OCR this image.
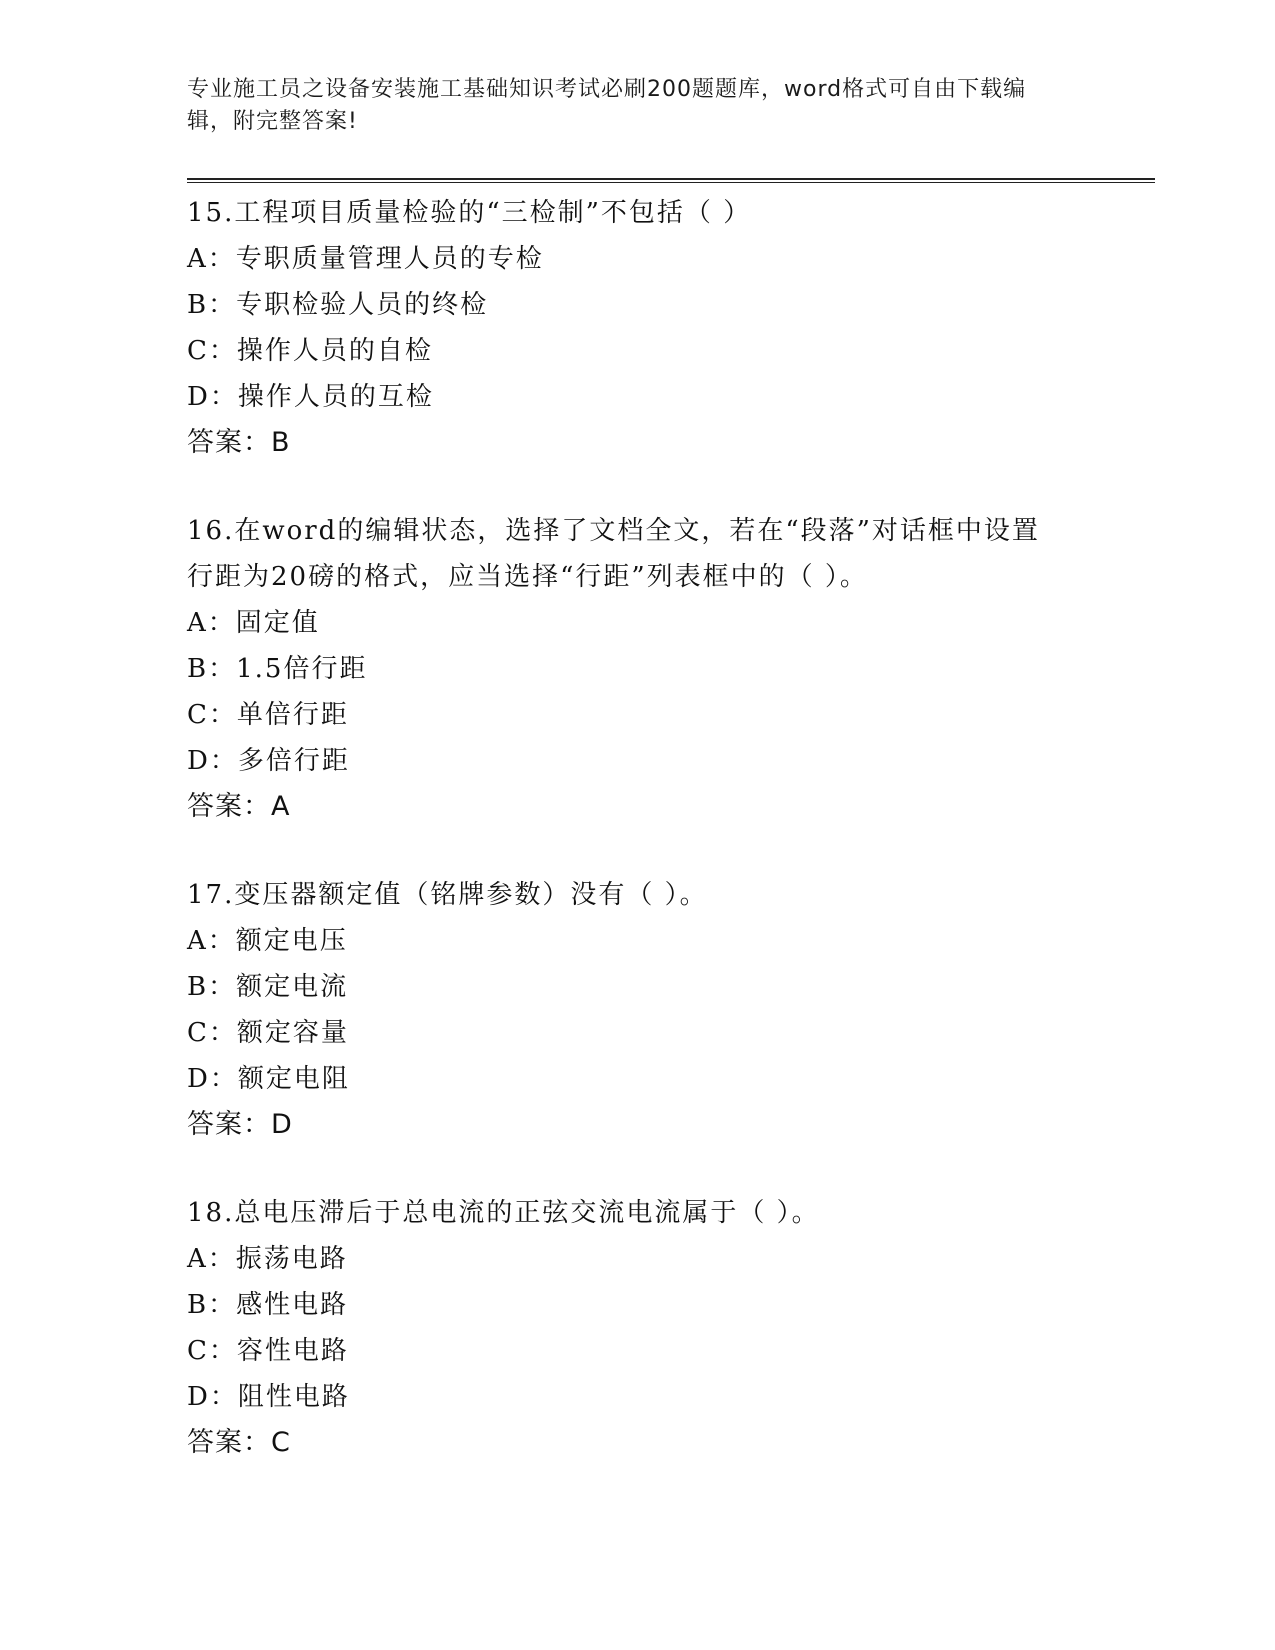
专业施工员之设备安装施工基础知识考试必刷200题题库，word格式可自由下载编辑，附完整答案!
15.工程项目质量检验的“三检制”不包括（ ）
A：专职质量管理人员的专检
B：专职检验人员的终检
C：操作人员的自检
D：操作人员的互检
答案：B
16.在word的编辑状态，选择了文档全文，若在“段落”对话框中设置行距为20磅的格式，应当选择“行距”列表框中的（ ）。
A：固定值
B：1.5倍行距
C：单倍行距
D：多倍行距
答案：A
17.变压器额定值（铭牌参数）没有（ ）。
A：额定电压
B：额定电流
C：额定容量
D：额定电阻
答案：D
18.总电压滞后于总电流的正弦交流电流属于（ ）。
A：振荡电路
B：感性电路
C：容性电路
D：阻性电路
答案：C
